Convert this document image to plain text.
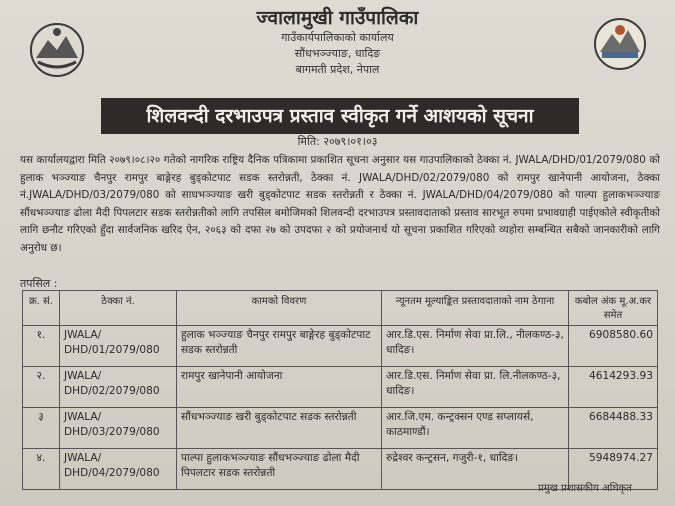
ज्वालामुखी गाउँपालिका
गाउँकार्यपालिकाको कार्यालय
सौंधभञ्ज्याङ, धादिङ
बागमती प्रदेश, नेपाल
शिलवन्दी दरभाउपत्र प्रस्ताव स्वीकृत गर्ने आशयको सूचना
मिति: २०७९।०१।०३
यस कार्यालयद्वारा मिति २०७९।०८।२० गतेको नागरिक राष्ट्रिय दैनिक पत्रिकामा प्रकाशित सूचना अनुसार यस गाउपालिकाको ठेक्का नं. JWALA/DHD/01/2079/080 को हुलाक भञ्ज्याङ चैनपुर रामपुर बाङ्गेरह बुड्कोटपाट सडक स्तरोन्नती, ठेक्का नं. JWALA/DHD/02/2079/080 को रामपुर खानेपानी आयोजना, ठेक्का नं.JWALA/DHD/03/2079/080 को साधभञ्ज्याङ खरी बुड्कोटपाट सडक स्तरोन्नती र ठेक्का नं. JWALA/DHD/04/2079/080 को पाल्पा हुलाकभञ्ज्याङ सौंधभञ्ज्याङ ढोला मैदी पिपलटार सडक स्तरोन्नतीको लागि तपसिल बमोजिमको शिलवन्दी दरभाउपत्र प्रस्तावदाताको प्रस्ताव सारभूत रुपमा प्रभावग्राही पाईएकोले स्वीकृतीको लागि छनौट गरिएको हुँदा सार्वजनिक खरिद ऐन, २०६३ को दफा २७ को उपदफा २ को प्रयोजनार्थ यो सूचना प्रकाशित गरिएको व्यहोरा सम्बन्धित सबैको जानकारीको लागि अनुरोध छ।
तपसिल :
क्र. सं.	ठेक्का नं.	कामको विवरण	न्यूनतम मूल्याङ्कित प्रस्तावदाताको नाम ठेगाना	कबोल अंक मू.अ.कर समेत
१.	JWALA/ DHD/01/2079/080	हुलाक भञ्ज्याङ चैनपुर रामपुर बाङ्गेरह बुड्कोटपाट सडक स्तरोन्नती	आर.डि.एस. निर्माण सेवा प्रा.लि., नीलकण्ठ-३, धादिङ।	6908580.60
२.	JWALA/ DHD/02/2079/080	रामपुर खानेपानी आयोजना	आर.डि.एस. निर्माण सेवा प्रा. लि.नीलकण्ठ-३, धादिङ।	4614293.93
३	JWALA/ DHD/03/2079/080	सौंधभञ्ज्याङ खरी बुड्कोटपाट सडक स्तरोन्नती	आर.जि.एम. कन्ट्रक्सन एण्ड सप्लायर्स, काठमाण्डौं।	6684488.33
४.	JWALA/ DHD/04/2079/080	पाल्पा हुलाकभञ्ज्याङ सौंधभञ्ज्याङ ढोला मैदी पिपलटार सडक स्तरोन्नती	रुद्रेश्वर कन्ट्रसन, गजुरी-१, धादिङ।	5948974.27
प्रमुख प्रशासकीय अधिकृत
